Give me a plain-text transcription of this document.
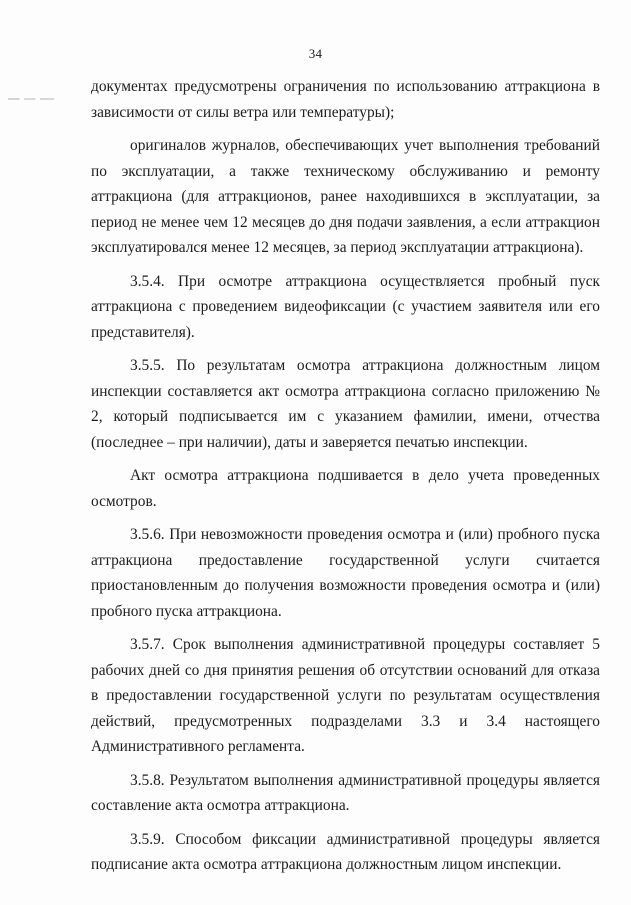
34

документах предусмотрены ограничения по использованию аттракциона в зависимости от силы ветра или температуры);

оригиналов журналов, обеспечивающих учет выполнения требований по эксплуатации, а также техническому обслуживанию и ремонту аттракциона (для аттракционов, ранее находившихся в эксплуатации, за период не менее чем 12 месяцев до дня подачи заявления, а если аттракцион эксплуатировался менее 12 месяцев, за период эксплуатации аттракциона).

3.5.4. При осмотре аттракциона осуществляется пробный пуск аттракциона с проведением видеофиксации (с участием заявителя или его представителя).

3.5.5. По результатам осмотра аттракциона должностным лицом инспекции составляется акт осмотра аттракциона согласно приложению № 2, который подписывается им с указанием фамилии, имени, отчества (последнее – при наличии), даты и заверяется печатью инспекции.

Акт осмотра аттракциона подшивается в дело учета проведенных осмотров.

3.5.6. При невозможности проведения осмотра и (или) пробного пуска аттракциона предоставление государственной услуги считается приостановленным до получения возможности проведения осмотра и (или) пробного пуска аттракциона.

3.5.7. Срок выполнения административной процедуры составляет 5 рабочих дней со дня принятия решения об отсутствии оснований для отказа в предоставлении государственной услуги по результатам осуществления действий, предусмотренных подразделами 3.3 и 3.4 настоящего Административного регламента.

3.5.8. Результатом выполнения административной процедуры является составление акта осмотра аттракциона.

3.5.9. Способом фиксации административной процедуры является подписание акта осмотра аттракциона должностным лицом инспекции.
